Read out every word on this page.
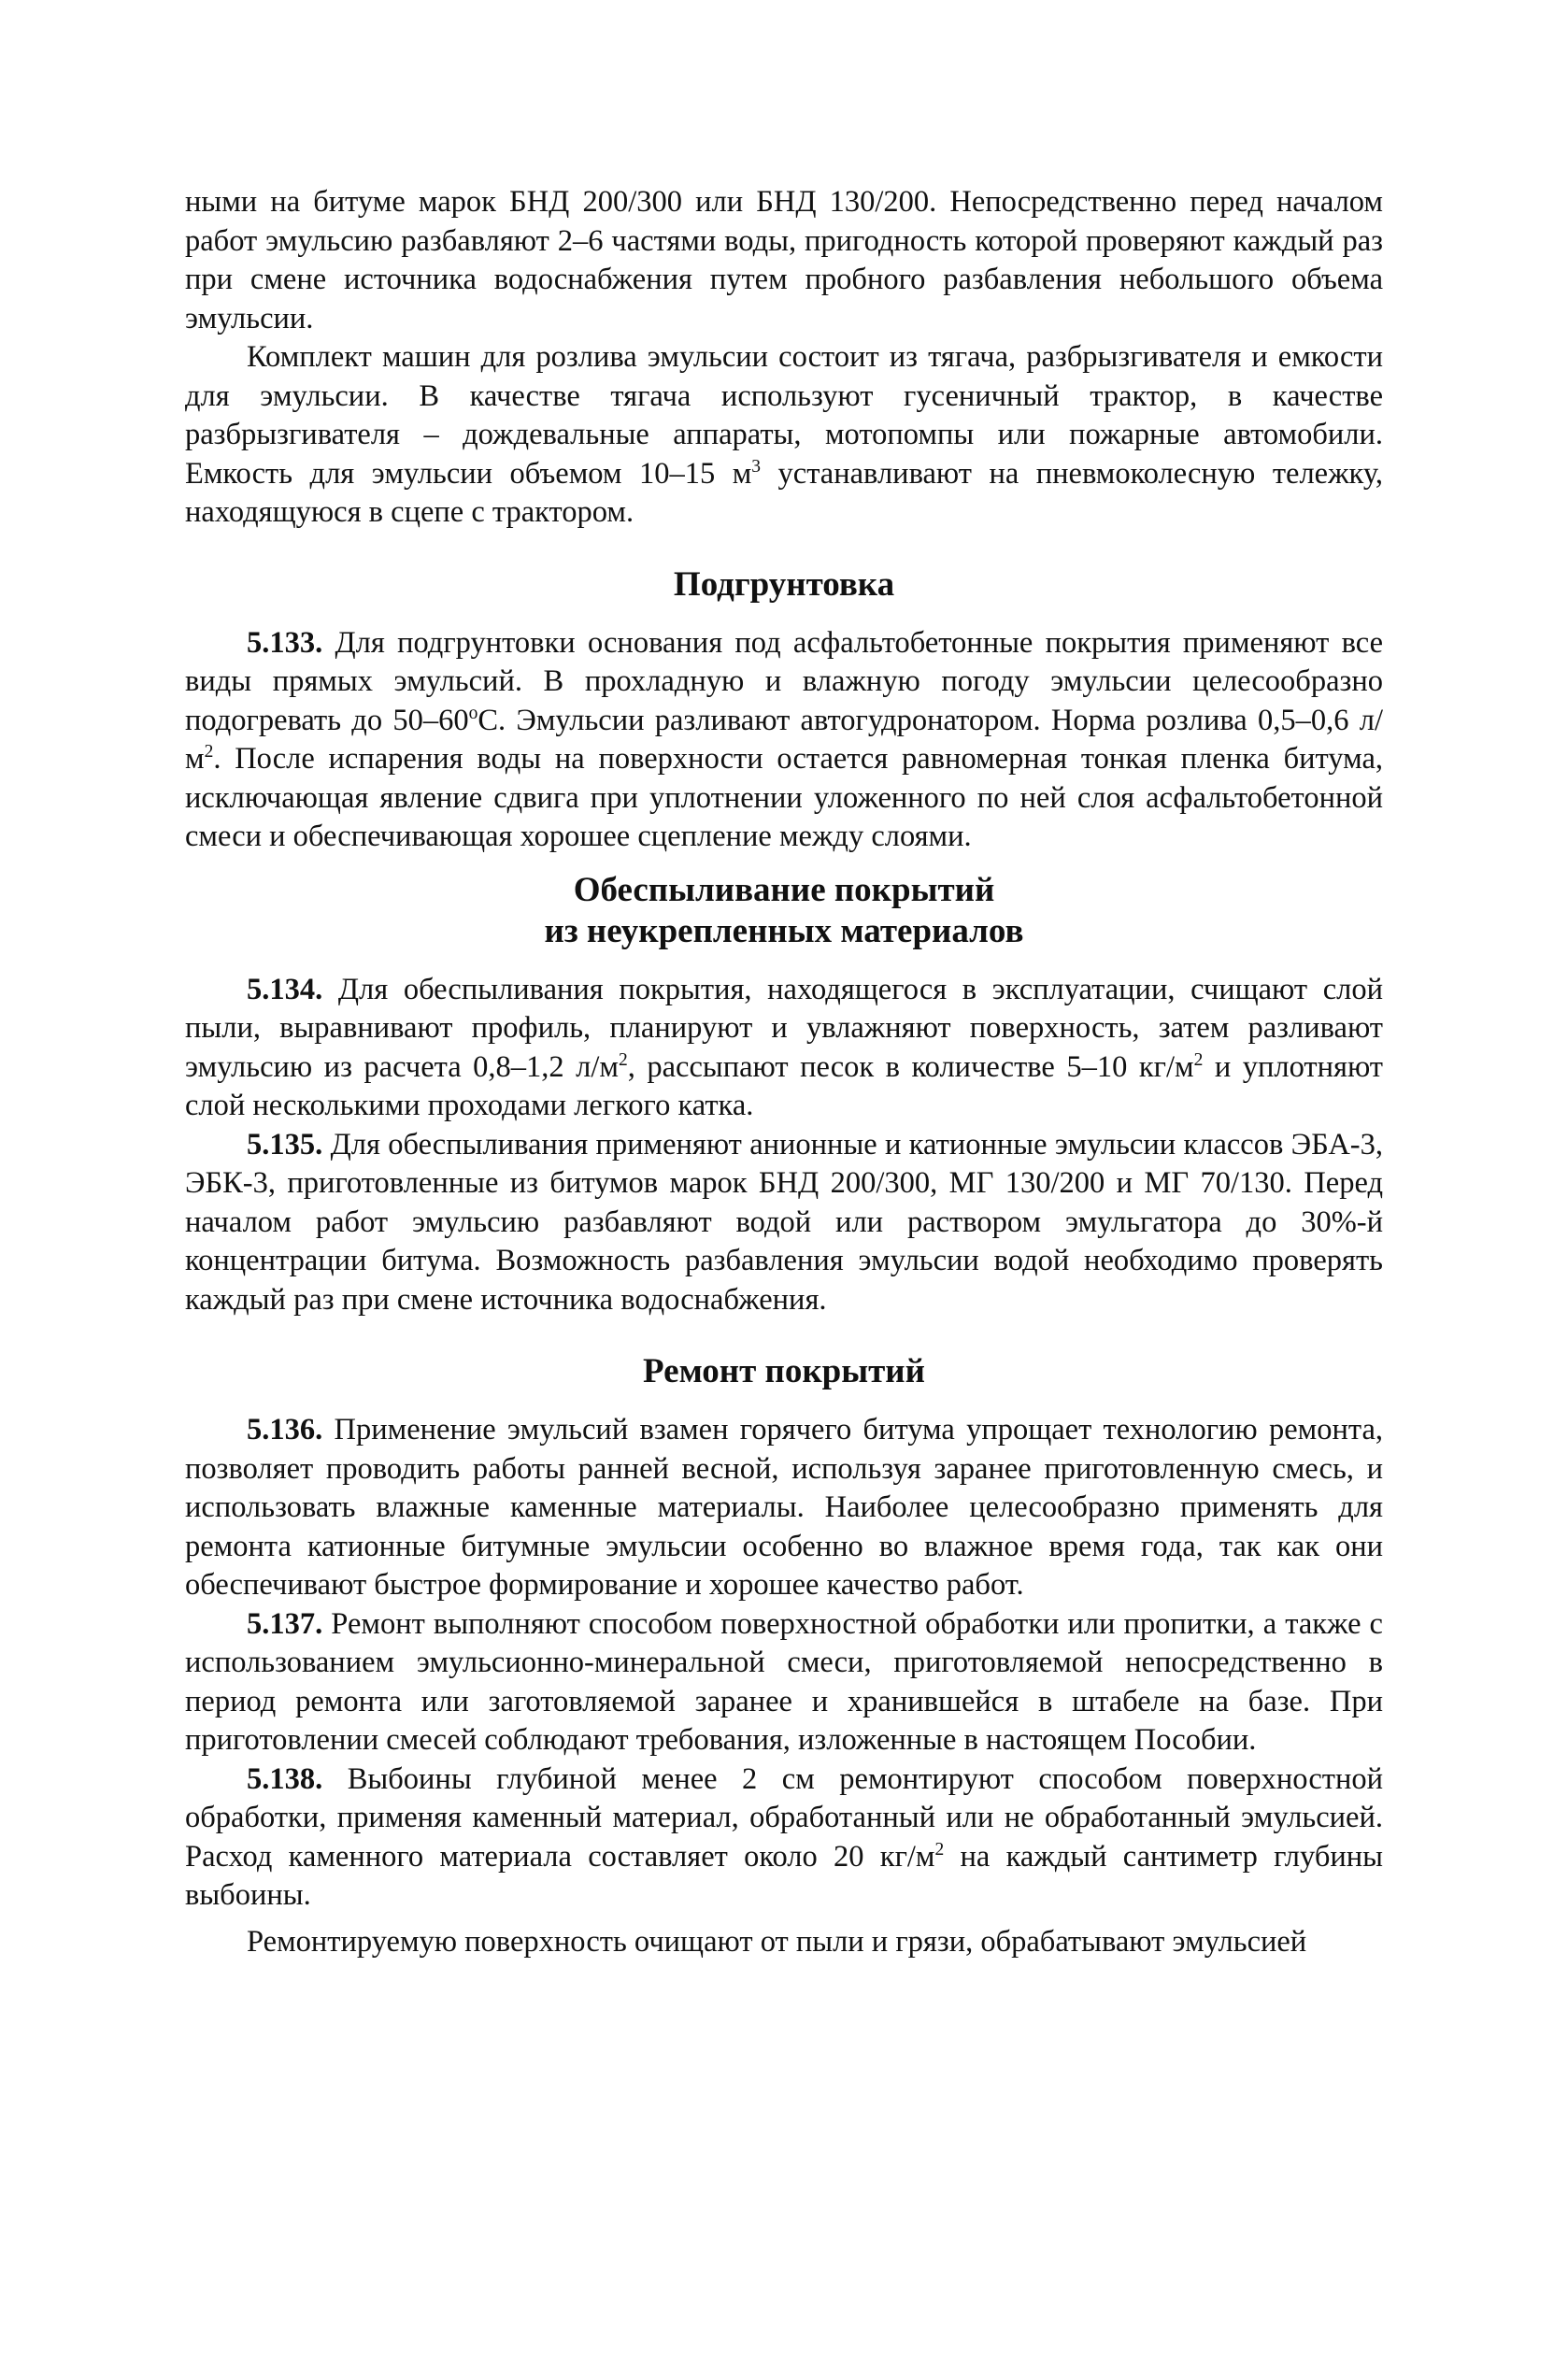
ными на битуме марок БНД 200/300 или БНД 130/200. Непосредственно перед началом работ эмульсию разбавляют 2–6 частями воды, пригодность которой проверяют каждый раз при смене источника водоснабжения путем пробного разбавления небольшого объема эмульсии.

Комплект машин для розлива эмульсии состоит из тягача, разбрызгивателя и емкости для эмульсии. В качестве тягача используют гусеничный трактор, в качестве разбрызгивателя – дождевальные аппараты, мотопомпы или пожарные автомобили. Емкость для эмульсии объемом 10–15 $м^3$ устанавливают на пневмоколесную тележку, находящуюся в сцепе с трактором.

Подгрунтовка

5.133. Для подгрунтовки основания под асфальтобетонные покрытия применяют все виды прямых эмульсий. В прохладную и влажную погоду эмульсии целесообразно подогревать до $50-60^оС$. Эмульсии разливают автогудронатором. Норма розлива 0,5–0,6 $л/м^2$. После испарения воды на поверхности остается равномерная тонкая пленка битума, исключающая явление сдвига при уплотнении уложенного по ней слоя асфальтобетонной смеси и обеспечивающая хорошее сцепление между слоями.

Обеспыливание покрытий
из неукрепленных материалов

5.134. Для обеспыливания покрытия, находящегося в эксплуатации, счищают слой пыли, выравнивают профиль, планируют и увлажняют поверхность, затем разливают эмульсию из расчета 0,8–1,2 $л/м^2$, рассыпают песок в количестве 5–10 $кг/м^2$ и уплотняют слой несколькими проходами легкого катка.

5.135. Для обеспыливания применяют анионные и катионные эмульсии классов ЭБА-3, ЭБК-3, приготовленные из битумов марок БНД 200/300, МГ 130/200 и МГ 70/130. Перед началом работ эмульсию разбавляют водой или раствором эмульгатора до 30%-й концентрации битума. Возможность разбавления эмульсии водой необходимо проверять каждый раз при смене источника водоснабжения.

Ремонт покрытий

5.136. Применение эмульсий взамен горячего битума упрощает технологию ремонта, позволяет проводить работы ранней весной, используя заранее приготовленную смесь, и использовать влажные каменные материалы. Наиболее целесообразно применять для ремонта катионные битумные эмульсии особенно во влажное время года, так как они обеспечивают быстрое формирование и хорошее качество работ.

5.137. Ремонт выполняют способом поверхностной обработки или пропитки, а также с использованием эмульсионно-минеральной смеси, приготовляемой непосредственно в период ремонта или заготовляемой заранее и хранившейся в штабеле на базе. При приготовлении смесей соблюдают требования, изложенные в настоящем Пособии.

5.138. Выбоины глубиной менее 2 см ремонтируют способом поверхностной обработки, применяя каменный материал, обработанный или не обработанный эмульсией. Расход каменного материала составляет около 20 $кг/м^2$ на каждый сантиметр глубины выбоины.

Ремонтируемую поверхность очищают от пыли и грязи, обрабатывают эмульсией
